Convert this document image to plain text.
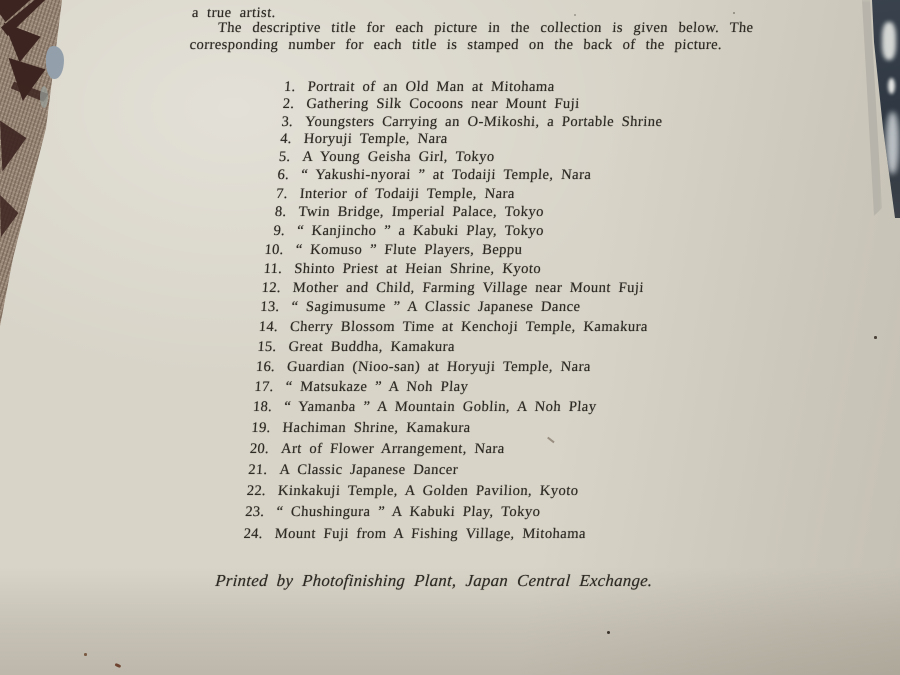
a true artist.
The descriptive title for each picture in the collection is given below. The
corresponding number for each title is stamped on the back of the picture.
1. Portrait of an Old Man at Mitohama
2. Gathering Silk Cocoons near Mount Fuji
3. Youngsters Carrying an O-Mikoshi, a Portable Shrine
4. Horyuji Temple, Nara
5. A Young Geisha Girl, Tokyo
6. “ Yakushi-nyorai ” at Todaiji Temple, Nara
7. Interior of Todaiji Temple, Nara
8. Twin Bridge, Imperial Palace, Tokyo
9. “ Kanjincho ” a Kabuki Play, Tokyo
10. “ Komuso ” Flute Players, Beppu
11. Shinto Priest at Heian Shrine, Kyoto
12. Mother and Child, Farming Village near Mount Fuji
13. “ Sagimusume ” A Classic Japanese Dance
14. Cherry Blossom Time at Kenchoji Temple, Kamakura
15. Great Buddha, Kamakura
16. Guardian (Nioo-san) at Horyuji Temple, Nara
17. “ Matsukaze ” A Noh Play
18. “ Yamanba ” A Mountain Goblin, A Noh Play
19. Hachiman Shrine, Kamakura
20. Art of Flower Arrangement, Nara
21. A Classic Japanese Dancer
22. Kinkakuji Temple, A Golden Pavilion, Kyoto
23. “ Chushingura ” A Kabuki Play, Tokyo
24. Mount Fuji from A Fishing Village, Mitohama
Printed by Photofinishing Plant, Japan Central Exchange.
